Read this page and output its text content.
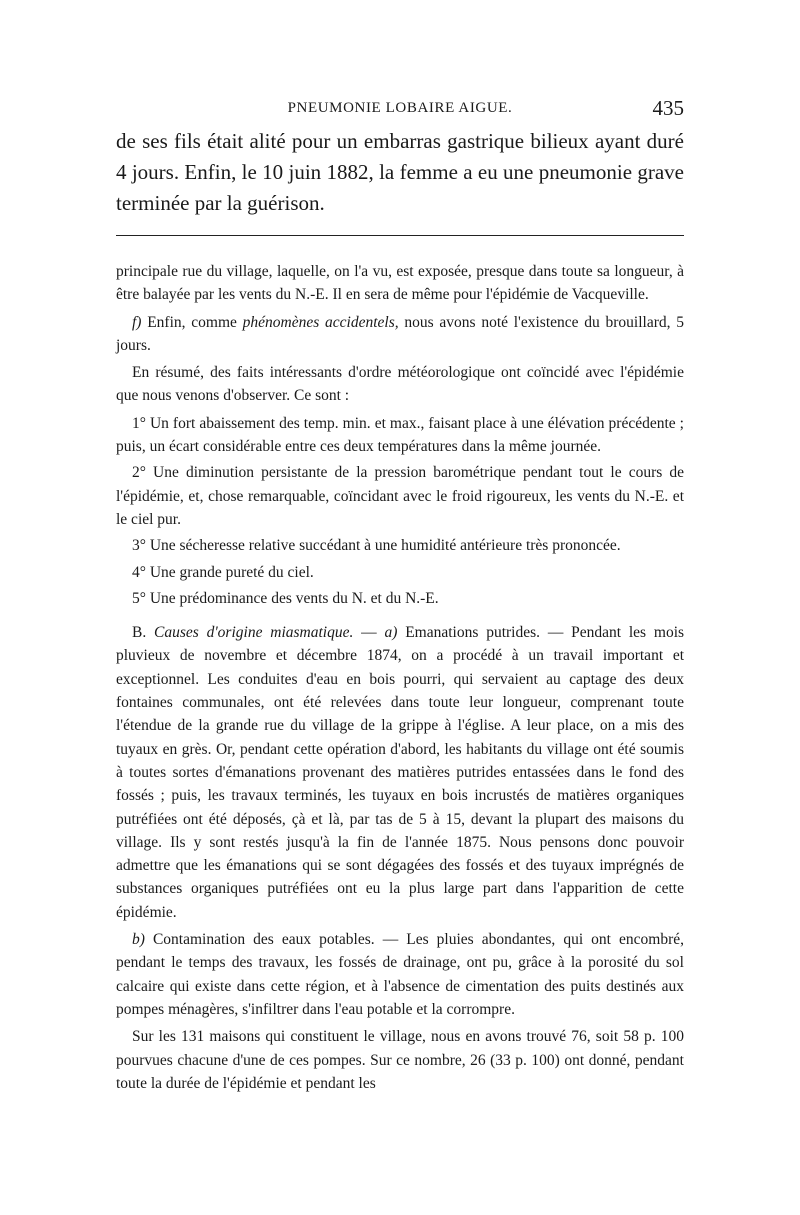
PNEUMONIE LOBAIRE AIGUE.	435

de ses fils était alité pour un embarras gastrique bilieux ayant duré 4 jours. Enfin, le 10 juin 1882, la femme a eu une pneumonie grave terminée par la guérison.

principale rue du village, laquelle, on l'a vu, est exposée, presque dans toute sa longueur, à être balayée par les vents du N.-E. Il en sera de même pour l'épidémie de Vacqueville.

f) Enfin, comme phénomènes accidentels, nous avons noté l'existence du brouillard, 5 jours.

En résumé, des faits intéressants d'ordre météorologique ont coïncidé avec l'épidémie que nous venons d'observer. Ce sont :

1° Un fort abaissement des temp. min. et max., faisant place à une élévation précédente ; puis, un écart considérable entre ces deux températures dans la même journée.

2° Une diminution persistante de la pression barométrique pendant tout le cours de l'épidémie, et, chose remarquable, coïncidant avec le froid rigoureux, les vents du N.-E. et le ciel pur.

3° Une sécheresse relative succédant à une humidité antérieure très prononcée.

4° Une grande pureté du ciel.

5° Une prédominance des vents du N. et du N.-E.

B. Causes d'origine miasmatique. — a) Emanations putrides. — Pendant les mois pluvieux de novembre et décembre 1874, on a procédé à un travail important et exceptionnel. Les conduites d'eau en bois pourri, qui servaient au captage des deux fontaines communales, ont été relevées dans toute leur longueur, comprenant toute l'étendue de la grande rue du village de la grippe à l'église. A leur place, on a mis des tuyaux en grès. Or, pendant cette opération d'abord, les habitants du village ont été soumis à toutes sortes d'émanations provenant des matières putrides entassées dans le fond des fossés ; puis, les travaux terminés, les tuyaux en bois incrustés de matières organiques putréfiées ont été déposés, çà et là, par tas de 5 à 15, devant la plupart des maisons du village. Ils y sont restés jusqu'à la fin de l'année 1875. Nous pensons donc pouvoir admettre que les émanations qui se sont dégagées des fossés et des tuyaux imprégnés de substances organiques putréfiées ont eu la plus large part dans l'apparition de cette épidémie.

b) Contamination des eaux potables. — Les pluies abondantes, qui ont encombré, pendant le temps des travaux, les fossés de drainage, ont pu, grâce à la porosité du sol calcaire qui existe dans cette région, et à l'absence de cimentation des puits destinés aux pompes ménagères, s'infiltrer dans l'eau potable et la corrompre.

Sur les 131 maisons qui constituent le village, nous en avons trouvé 76, soit 58 p. 100 pourvues chacune d'une de ces pompes. Sur ce nombre, 26 (33 p. 100) ont donné, pendant toute la durée de l'épidémie et pendant les
